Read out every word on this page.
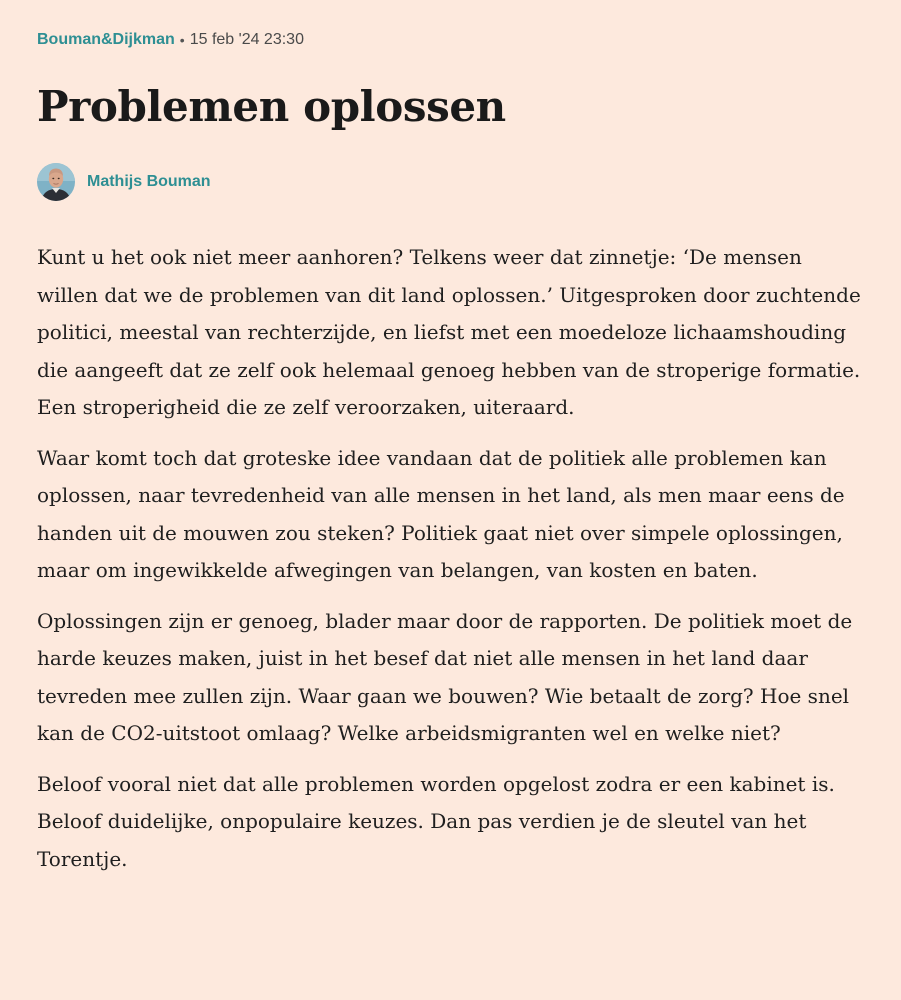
Bouman&Dijkman • 15 feb '24 23:30
Problemen oplossen
Mathijs Bouman

Kunt u het ook niet meer aanhoren? Telkens weer dat zinnetje: ‘De mensen willen dat we de problemen van dit land oplossen.’ Uitgesproken door zuchtende politici, meestal van rechterzijde, en liefst met een moedeloze lichaamshouding die aangeeft dat ze zelf ook helemaal genoeg hebben van de stroperige formatie. Een stroperigheid die ze zelf veroorzaken, uiteraard.

Waar komt toch dat groteske idee vandaan dat de politiek alle problemen kan oplossen, naar tevredenheid van alle mensen in het land, als men maar eens de handen uit de mouwen zou steken? Politiek gaat niet over simpele oplossingen, maar om ingewikkelde afwegingen van belangen, van kosten en baten.

Oplossingen zijn er genoeg, blader maar door de rapporten. De politiek moet de harde keuzes maken, juist in het besef dat niet alle mensen in het land daar tevreden mee zullen zijn. Waar gaan we bouwen? Wie betaalt de zorg? Hoe snel kan de CO2-uitstoot omlaag? Welke arbeidsmigranten wel en welke niet?

Beloof vooral niet dat alle problemen worden opgelost zodra er een kabinet is. Beloof duidelijke, onpopulaire keuzes. Dan pas verdien je de sleutel van het Torentje.
